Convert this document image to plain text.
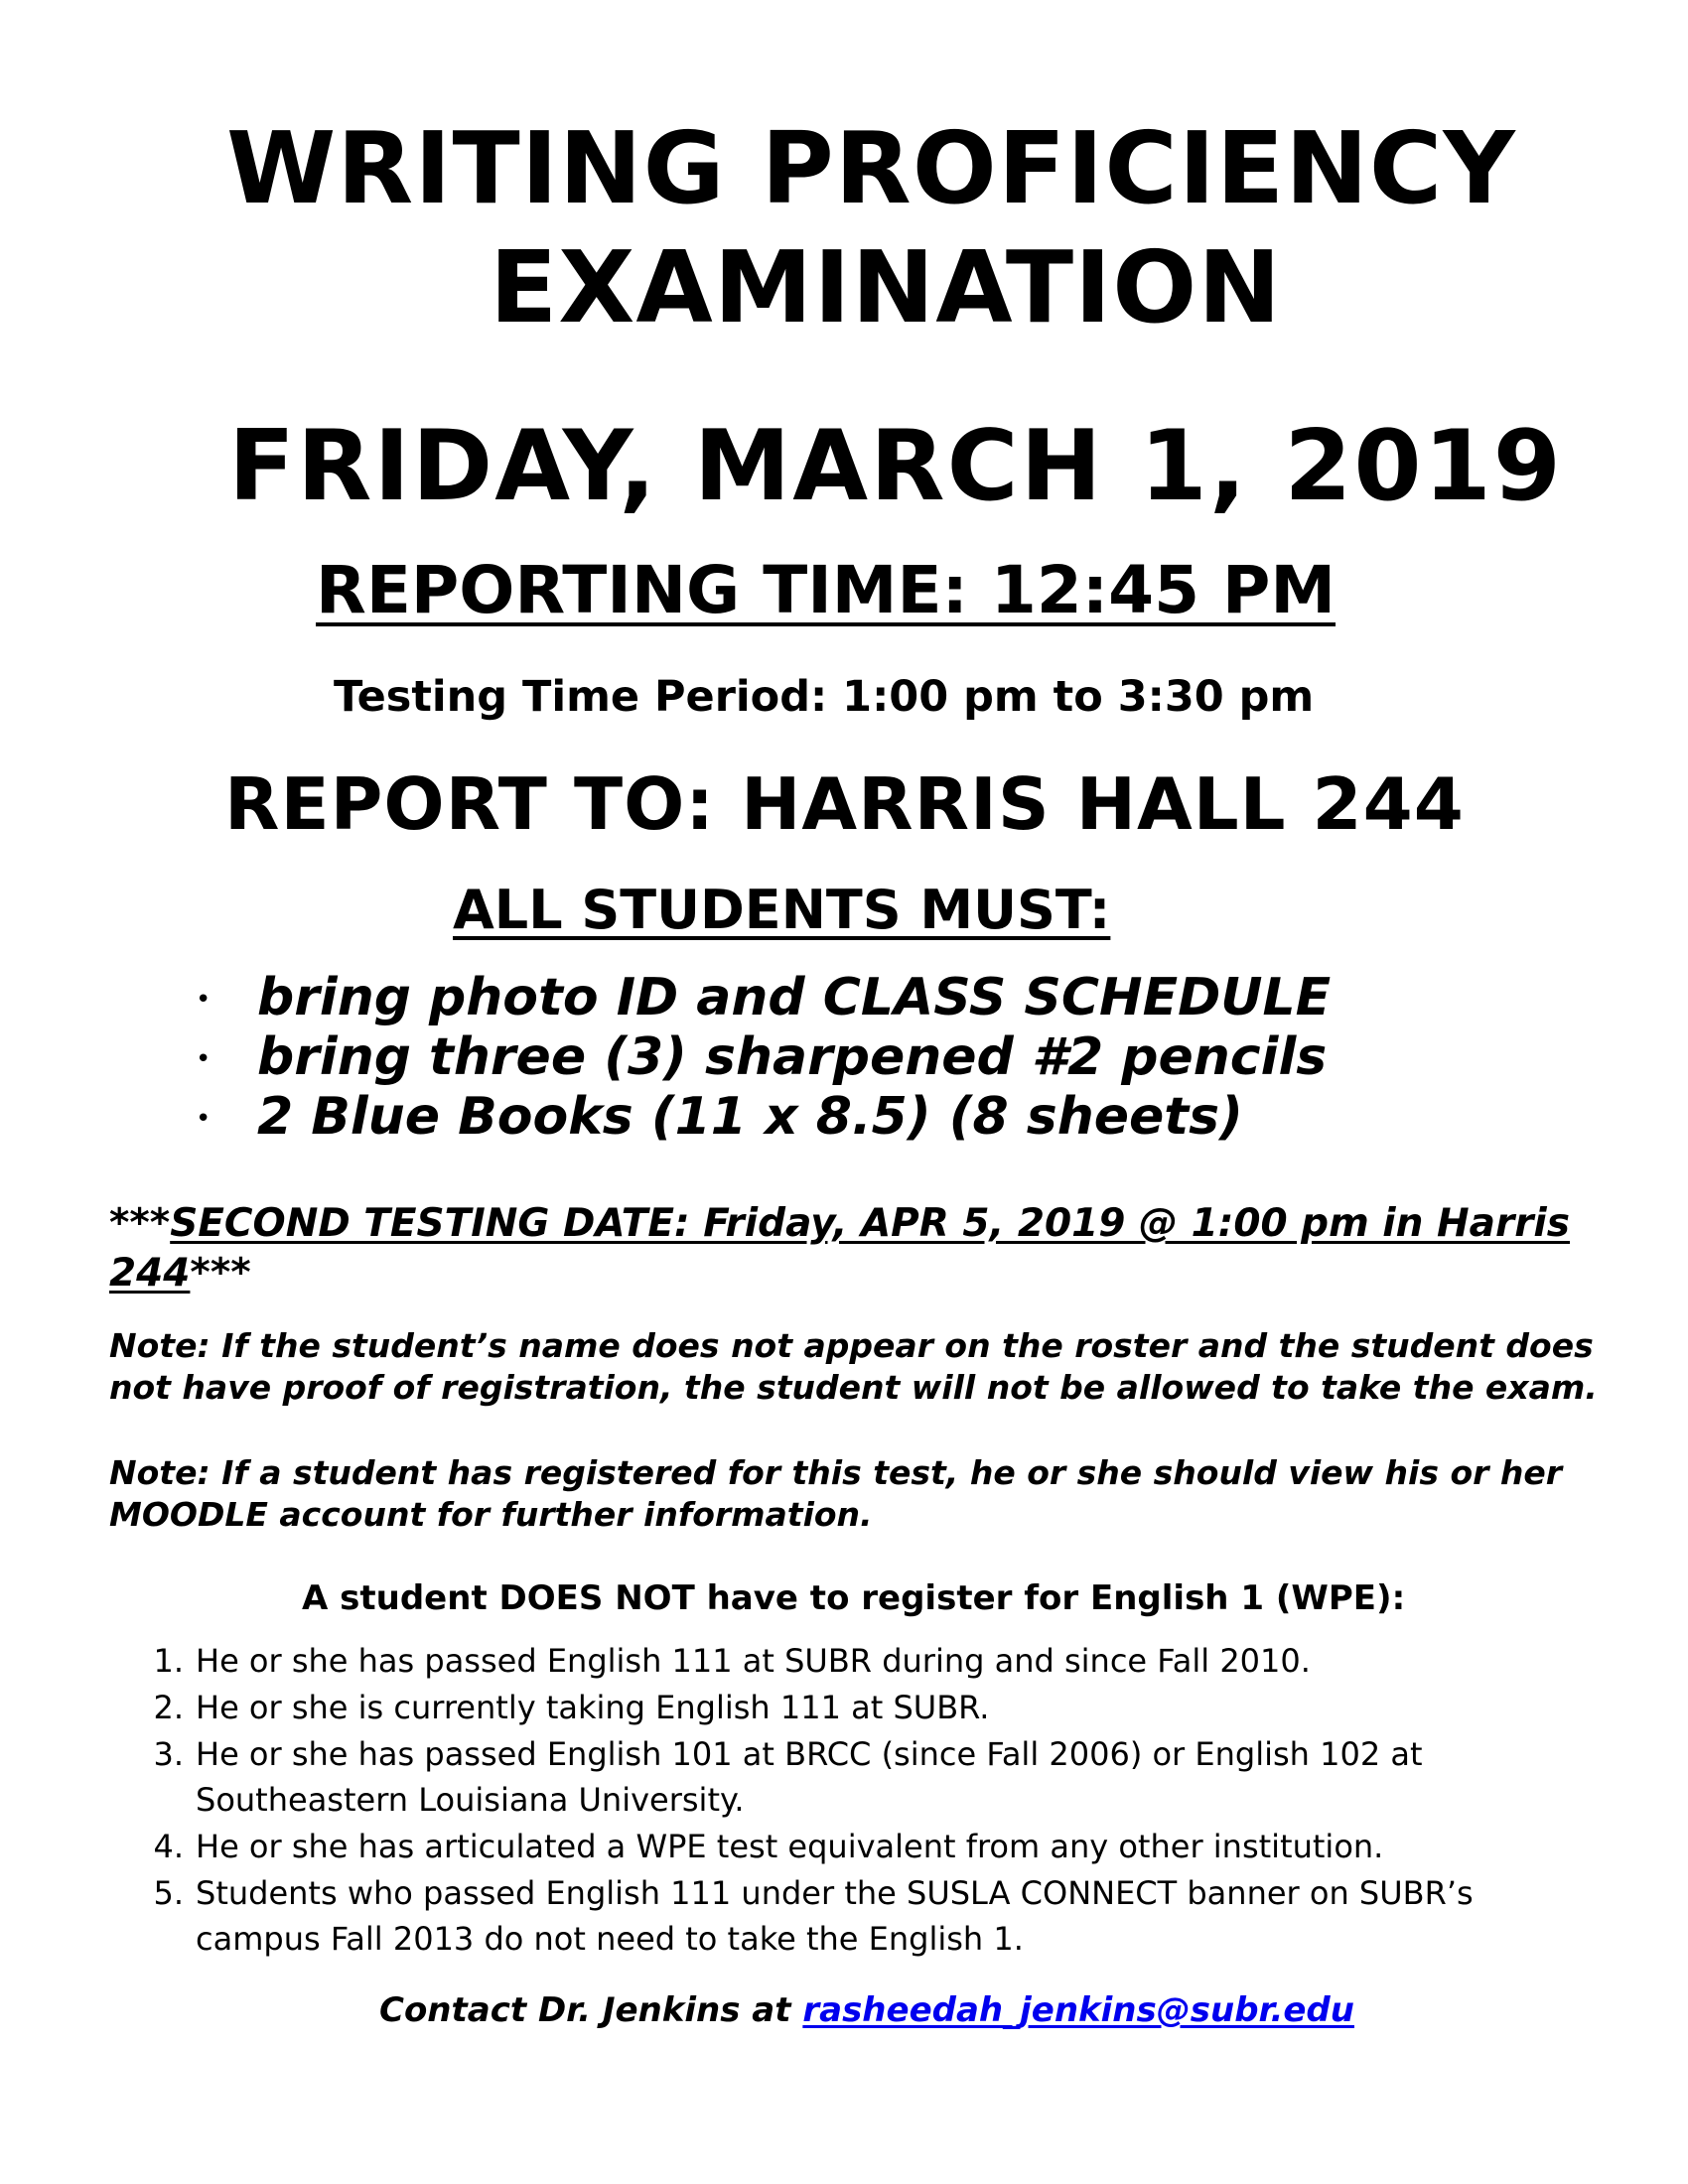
WRITING PROFICIENCY
EXAMINATION
FRIDAY, MARCH 1, 2019
REPORTING TIME: 12:45 PM
Testing Time Period: 1:00 pm to 3:30 pm
REPORT TO: HARRIS HALL 244
ALL STUDENTS MUST:
• bring photo ID and CLASS SCHEDULE
• bring three (3) sharpened #2 pencils
• 2 Blue Books (11 x 8.5) (8 sheets)
***SECOND TESTING DATE: Friday, APR 5, 2019 @ 1:00 pm in Harris 244***
Note: If the student’s name does not appear on the roster and the student does not have proof of registration, the student will not be allowed to take the exam.
Note: If a student has registered for this test, he or she should view his or her MOODLE account for further information.
A student DOES NOT have to register for English 1 (WPE):
1. He or she has passed English 111 at SUBR during and since Fall 2010.
2. He or she is currently taking English 111 at SUBR.
3. He or she has passed English 101 at BRCC (since Fall 2006) or English 102 at Southeastern Louisiana University.
4. He or she has articulated a WPE test equivalent from any other institution.
5. Students who passed English 111 under the SUSLA CONNECT banner on SUBR’s campus Fall 2013 do not need to take the English 1.
Contact Dr. Jenkins at rasheedah_jenkins@subr.edu
